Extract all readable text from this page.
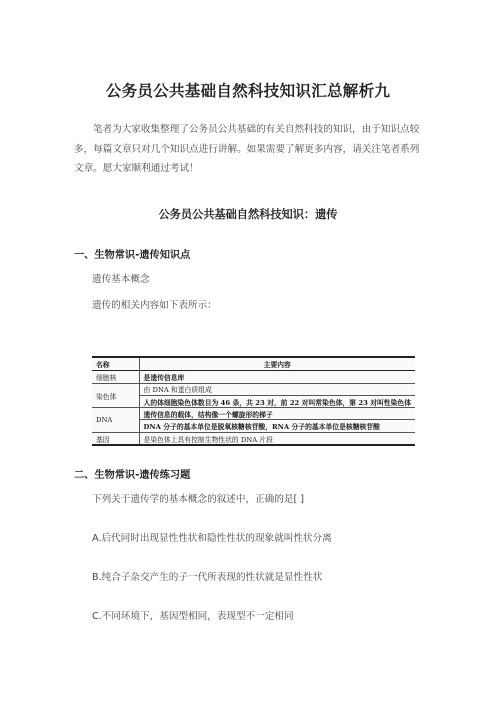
公务员公共基础自然科技知识汇总解析九

笔者为大家收集整理了公务员公共基础的有关自然科技的知识，由于知识点较多，每篇文章只对几个知识点进行讲解。如果需要了解更多内容，请关注笔者系列文章。愿大家顺利通过考试！

公务员公共基础自然科技知识：遗传
一、生物常识-遗传知识点

遗传基本概念

遗传的相关内容如下表所示：

名称	主要内容
细胞核	是遗传信息库
染色体	由 DNA 和蛋白质组成
	人的体细胞染色体数目为 46 条，共 23 对，前 22 对叫常染色体，第 23 对叫性染色体
DNA	遗传信息的载体，结构像一个螺旋形的梯子
	DNA 分子的基本单位是脱氧核糖核苷酸，RNA 分子的基本单位是核糖核苷酸
基因	是染色体上具有控制生物性状的 DNA 片段
二、生物常识-遗传练习题

下列关于遗传学的基本概念的叙述中，正确的是[ ]

A.后代同时出现显性性状和隐性性状的现象就叫性状分离

B.纯合子杂交产生的子一代所表现的性状就是显性性状

C.不同环境下，基因型相同，表现型不一定相同
